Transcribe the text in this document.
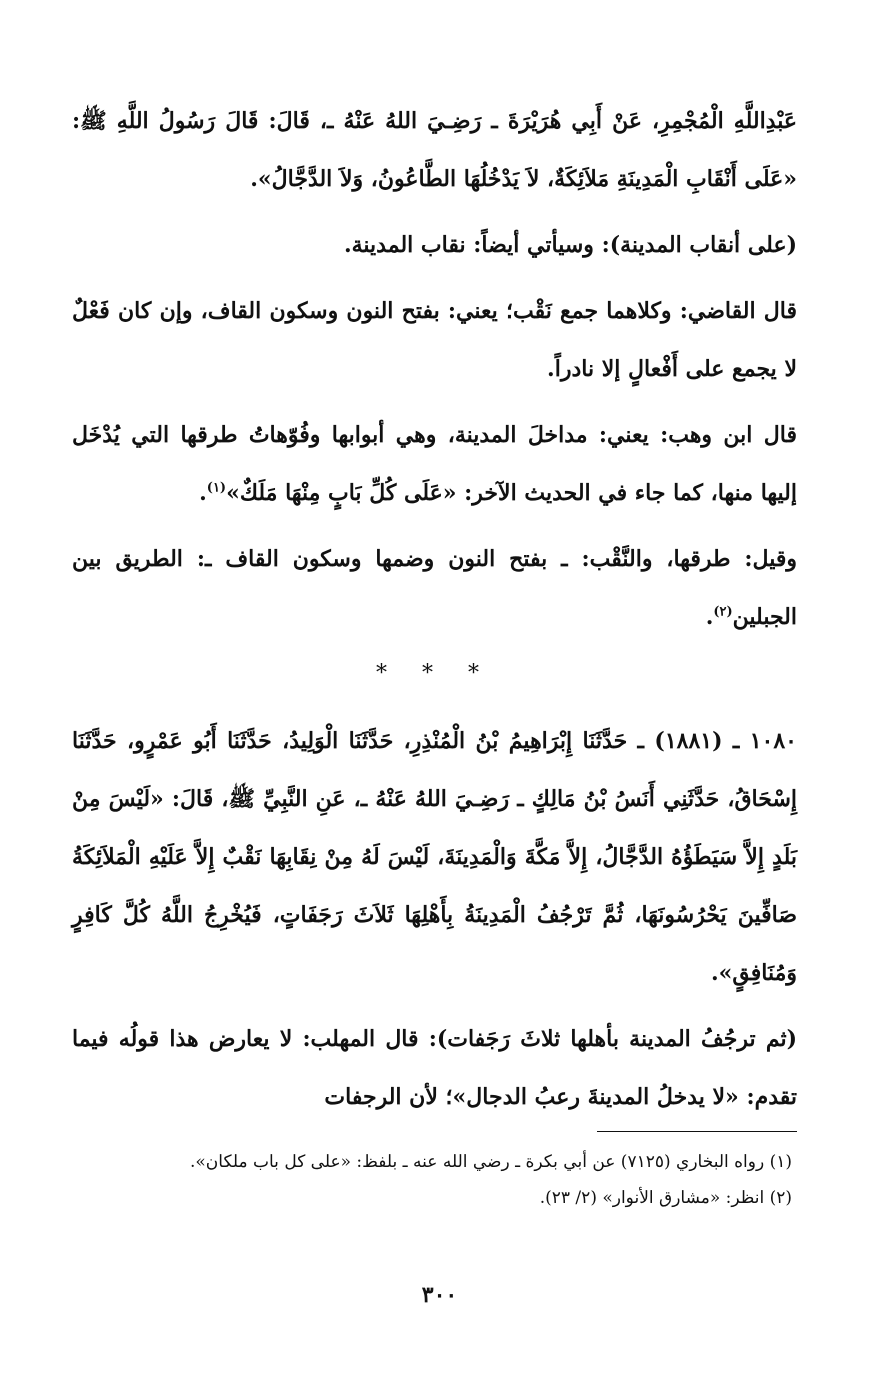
عَبْدِاللَّهِ الْمُجْمِرِ، عَنْ أَبِي هُرَيْرَةَ ـ رَضِـيَ اللهُ عَنْهُ ـ، قَالَ: قَالَ رَسُولُ اللَّهِ ﷺ: «عَلَى أَنْقَابِ الْمَدِينَةِ مَلاَئِكَةٌ، لاَ يَدْخُلُهَا الطَّاعُونُ، وَلاَ الدَّجَّالُ».

(على أنقاب المدينة): وسيأتي أيضاً: نقاب المدينة.

قال القاضي: وكلاهما جمع نَقْب؛ يعني: بفتح النون وسكون القاف، وإن كان فَعْلٌ لا يجمع على أَفْعالٍ إلا نادراً.

قال ابن وهب: يعني: مداخلَ المدينة، وهي أبوابها وفُوّهاتُ طرقها التي يُدْخَل إليها منها، كما جاء في الحديث الآخر: «عَلَى كُلِّ بَابٍ مِنْهَا مَلَكٌ»$^{(١)}$.

وقيل: طرقها، والنَّقْب: ـ بفتح النون وضمها وسكون القاف ـ: الطريق بين الجبلين$^{(٢)}$.

* * *

١٠٨٠ ـ (١٨٨١) ـ حَدَّثَنَا إِبْرَاهِيمُ بْنُ الْمُنْذِرِ، حَدَّثَنَا الْوَلِيدُ، حَدَّثَنَا أَبُو عَمْرٍو، حَدَّثَنَا إِسْحَاقُ، حَدَّثَنِي أَنَسُ بْنُ مَالِكٍ ـ رَضِـيَ اللهُ عَنْهُ ـ، عَنِ النَّبِيِّ ﷺ، قَالَ: «لَيْسَ مِنْ بَلَدٍ إِلاَّ سَيَطَؤُهُ الدَّجَّالُ، إِلاَّ مَكَّةَ وَالْمَدِينَةَ، لَيْسَ لَهُ مِنْ نِقَابِهَا نَقْبٌ إِلاَّ عَلَيْهِ الْمَلاَئِكَةُ صَافِّينَ يَحْرُسُونَهَا، ثُمَّ تَرْجُفُ الْمَدِينَةُ بِأَهْلِهَا ثَلاَثَ رَجَفَاتٍ، فَيُخْرِجُ اللَّهُ كُلَّ كَافِرٍ وَمُنَافِقٍ».

(ثم ترجُفُ المدينة بأهلها ثلاثَ رَجَفات): قال المهلب: لا يعارض هذا قولُه فيما تقدم: «لا يدخلُ المدينةَ رعبُ الدجال»؛ لأن الرجفات

(١) رواه البخاري (٧١٢٥) عن أبي بكرة ـ رضي الله عنه ـ بلفظ: «على كل باب ملكان».

(٢) انظر: «مشارق الأنوار» (٢/ ٢٣).

٣٠٠
